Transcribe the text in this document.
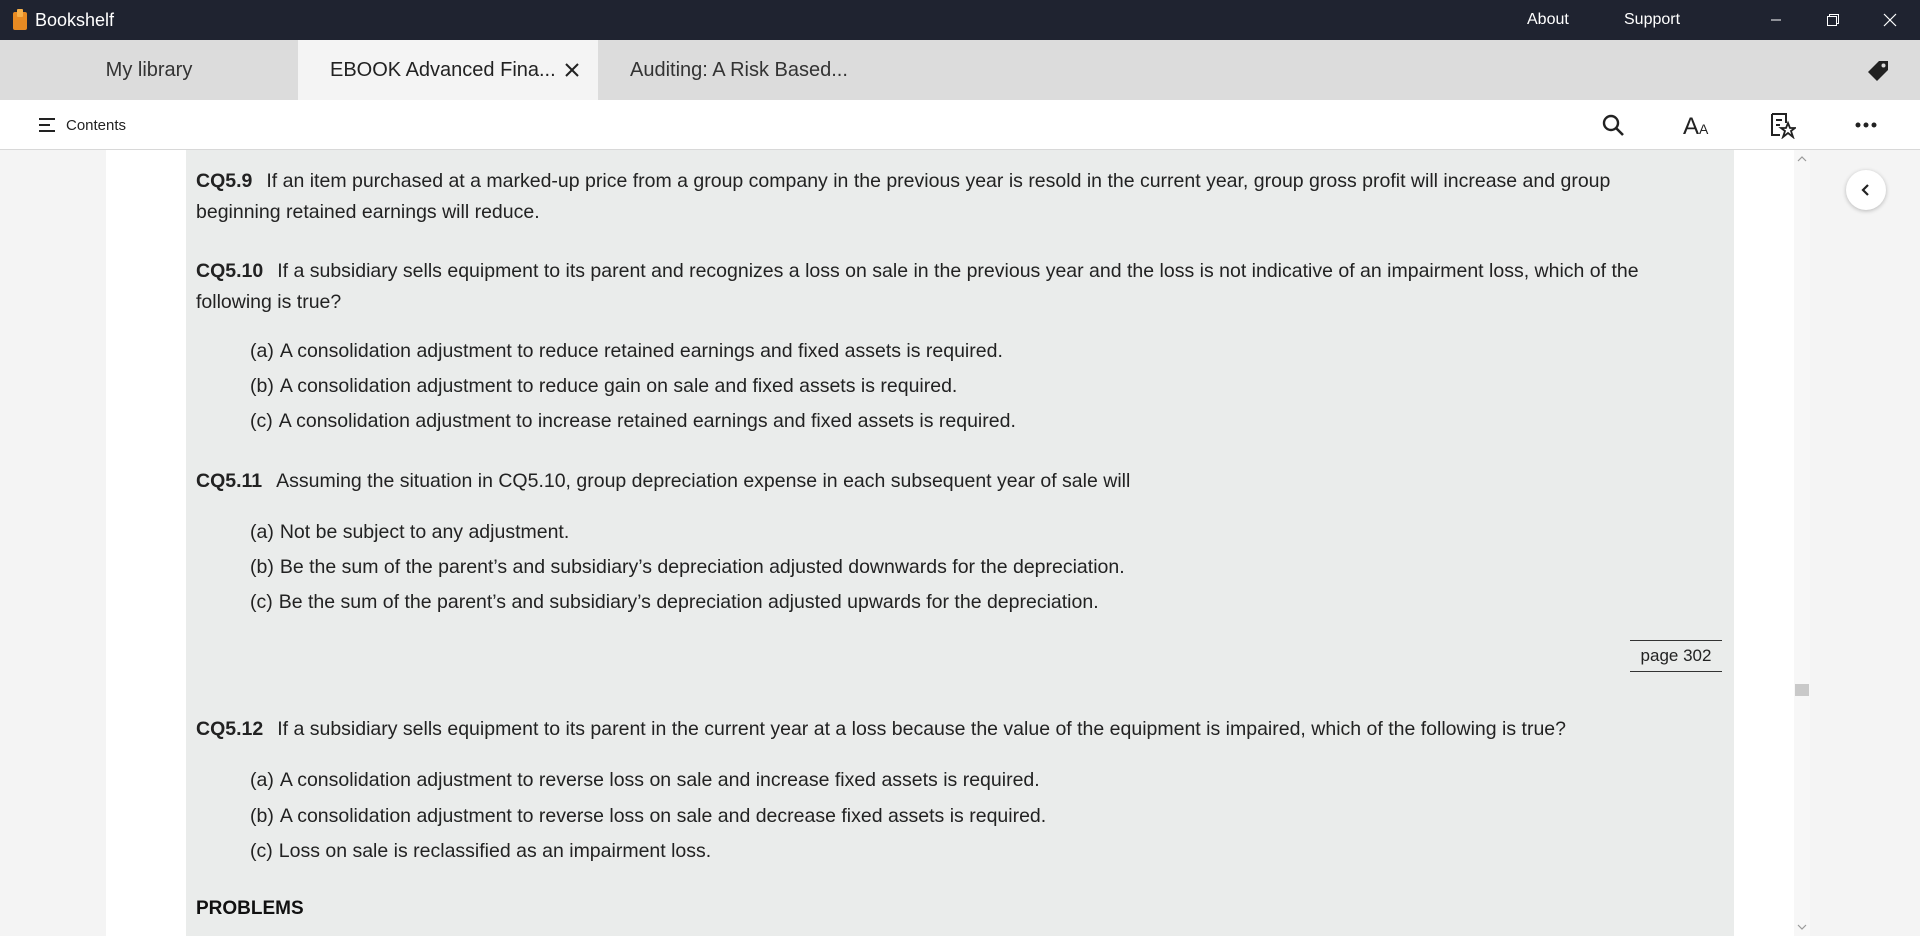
Bookshelf	About	Support
My library	EBOOK Advanced Fina...	Auditing: A Risk Based...
Contents	A A
CQ5.9 If an item purchased at a marked-up price from a group company in the previous year is resold in the current year, group gross profit will increase and group beginning retained earnings will reduce.
CQ5.10 If a subsidiary sells equipment to its parent and recognizes a loss on sale in the previous year and the loss is not indicative of an impairment loss, which of the following is true?
(a) A consolidation adjustment to reduce retained earnings and fixed assets is required.
(b) A consolidation adjustment to reduce gain on sale and fixed assets is required.
(c) A consolidation adjustment to increase retained earnings and fixed assets is required.
CQ5.11 Assuming the situation in CQ5.10, group depreciation expense in each subsequent year of sale will
(a) Not be subject to any adjustment.
(b) Be the sum of the parent’s and subsidiary’s depreciation adjusted downwards for the depreciation.
(c) Be the sum of the parent’s and subsidiary’s depreciation adjusted upwards for the depreciation.
page 302
CQ5.12 If a subsidiary sells equipment to its parent in the current year at a loss because the value of the equipment is impaired, which of the following is true?
(a) A consolidation adjustment to reverse loss on sale and increase fixed assets is required.
(b) A consolidation adjustment to reverse loss on sale and decrease fixed assets is required.
(c) Loss on sale is reclassified as an impairment loss.
PROBLEMS
